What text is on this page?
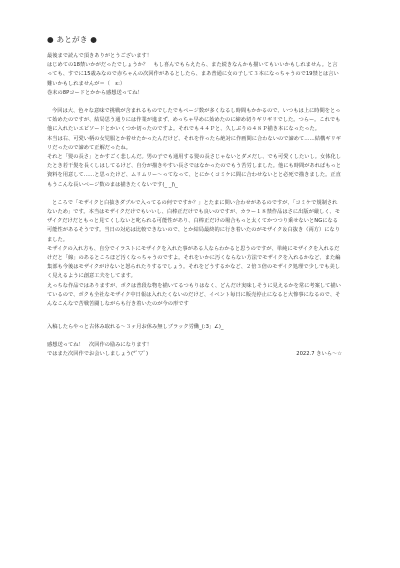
● あとがき ●
最後まで読んで頂きありがとうございます！
はじめての18禁いかがだったでしょうか？　もし喜んでもらえたら、また続きなんかも描いてもいいかもしれません。と言っても、すでに15歳みなので赤ちゃんの次回作があるとしたら、まあ普通に女の子して３本になっちゃうので19禁とは言い難いかもしれませんが＝（　ε:）
巻末の8Pコードとかから感想送ってね！
今回は大、色々な意味で挑戦が含まれるものでしたでもページ数が多くなるし時間もかかるので、いつもは上に時間をとって始めたのですが、結局思う通りには作業が進まず、めっちゃ早めに始めたのに締め切りギリギリでした。つらー。これでも他に入れたいエピソードとかいくつか切ったのですよ。それでも４４Ｐと、久しぶりの４８Ｐ描き本になったった。
本当は右、可愛い柄の女児服とか着せたかったんだけど、それを作ったら絶対に作画間に合わないので諦めて……結構ギリギリだったので諦めて正解だったね。
それと「髪の長さ」とかすごく悲しんだ。男の子でも通用する髪の長さじゃないとダメだし、でも可愛くしたいし。女体化したとき若干髪を長くしはしてるけど、自分が描きやすい長さではなかったのでもう苦労しました。他にも時間があればもっと資料を用意して……と思ったけど、ムリムリー～ってなって、とにかくコミケに間に合わせないとと必死で描きました。正直もうこんな長いページ数のまは描きたくないです(_ _)\_
ところで「モザイクと白抜きダブルで入ってるの何でですか？」とたまに問い合わせがあるのですが、「コミケで規制されないため」です。本当はモザイクだけでもいいし、白棒正だけでも良いのですが、カラー１８禁作品はさに出版が厳しく、モザイクだけだともっと見てくしないと叱られる可能性があり、白棒正だけの場合もっと太くてかつつり乗せないとNGになる可能性があるそうです。当日の対応は比較できないので、とか結局最終的に行き着いたのがモザイク＆白抜き（両方）になりました。
モザイクの入れ方も、自分でイラストにモザイクを入れた事がある人ならわかると思うのですが、単純にモザイクを入れるだけだと「線」のあるところほど汚くなっちゃうのですよ。それをいかに汚くならない方法でモザイクを入れるかなど、また編集部も今後はモザイクがけないと怒られたりするでしょう。それをどうするかなど、２倍３倍のモザイク処理で少しでも美しく見えるように創意工夫をしてます。
えっちな作品ではありますが、ボクは普段な物を描いてるつもりはなく、どんだけ実味しそうに見えるかを常に考案して描いているので、ボクも全社なモザイク中日報は入れたくないのだけど、イベント毎日に販売停止になると大惨事になるので、そんなこんなで苦戦苦闘しながらも行き着いたのが今の形です
入稿したらやっと古休み取れる～３ヶ月お休み無しブラック労働_(:3」∠)_
感想送ってね！　次回作の励みになります！
ではまた次回作でお会いしましょう(*ﾟ▽ﾟ)	2022.7 きいら～☆
